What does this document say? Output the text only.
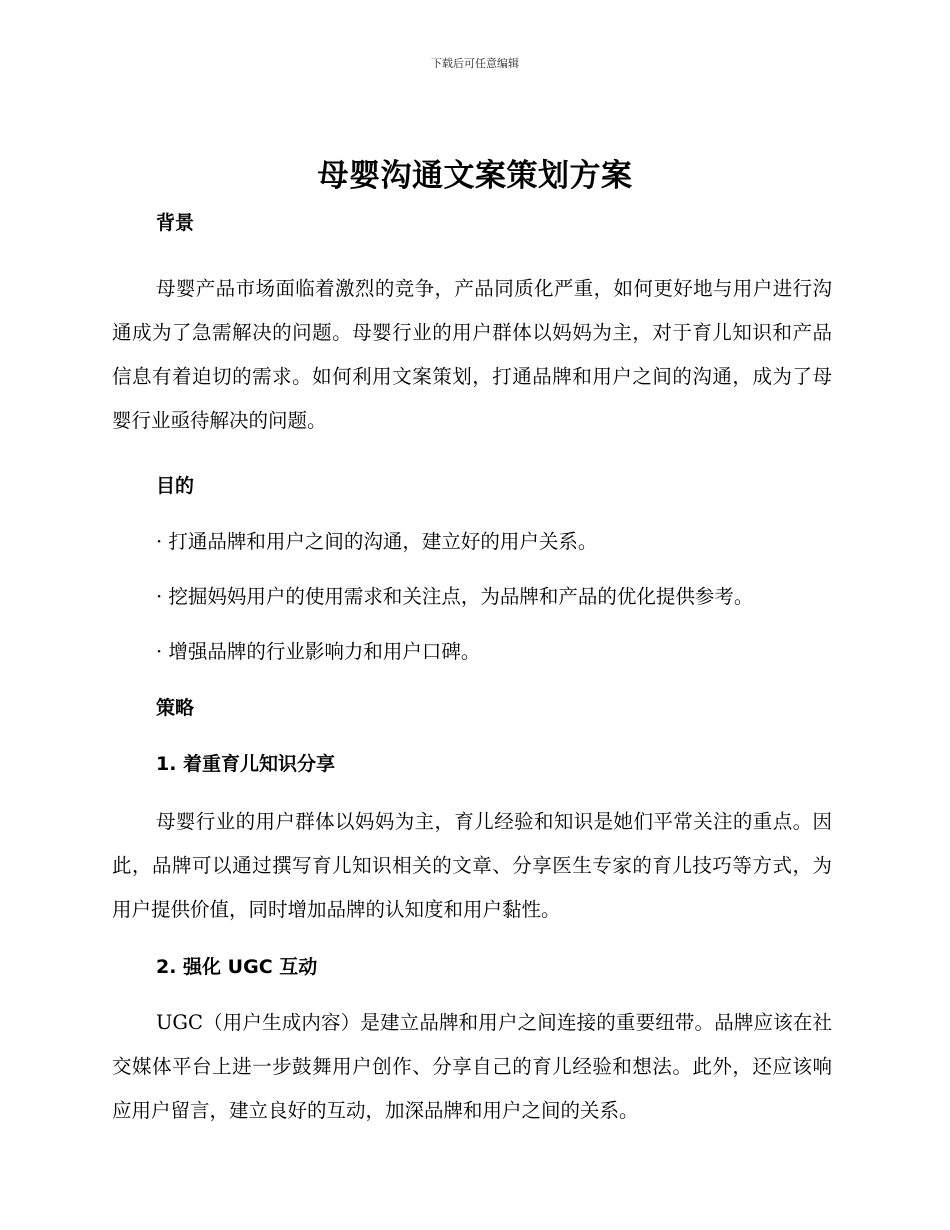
下载后可任意编辑
母婴沟通文案策划方案

背景

母婴产品市场面临着激烈的竞争，产品同质化严重，如何更好地与用户进行沟通成为了急需解决的问题。母婴行业的用户群体以妈妈为主，对于育儿知识和产品信息有着迫切的需求。如何利用文案策划，打通品牌和用户之间的沟通，成为了母婴行业亟待解决的问题。

目的

· 打通品牌和用户之间的沟通，建立好的用户关系。

· 挖掘妈妈用户的使用需求和关注点，为品牌和产品的优化提供参考。

· 增强品牌的行业影响力和用户口碑。

策略

1. 着重育儿知识分享

母婴行业的用户群体以妈妈为主，育儿经验和知识是她们平常关注的重点。因此，品牌可以通过撰写育儿知识相关的文章、分享医生专家的育儿技巧等方式，为用户提供价值，同时增加品牌的认知度和用户黏性。

2. 强化 UGC 互动

UGC（用户生成内容）是建立品牌和用户之间连接的重要纽带。品牌应该在社交媒体平台上进一步鼓舞用户创作、分享自己的育儿经验和想法。此外，还应该响应用户留言，建立良好的互动，加深品牌和用户之间的关系。
